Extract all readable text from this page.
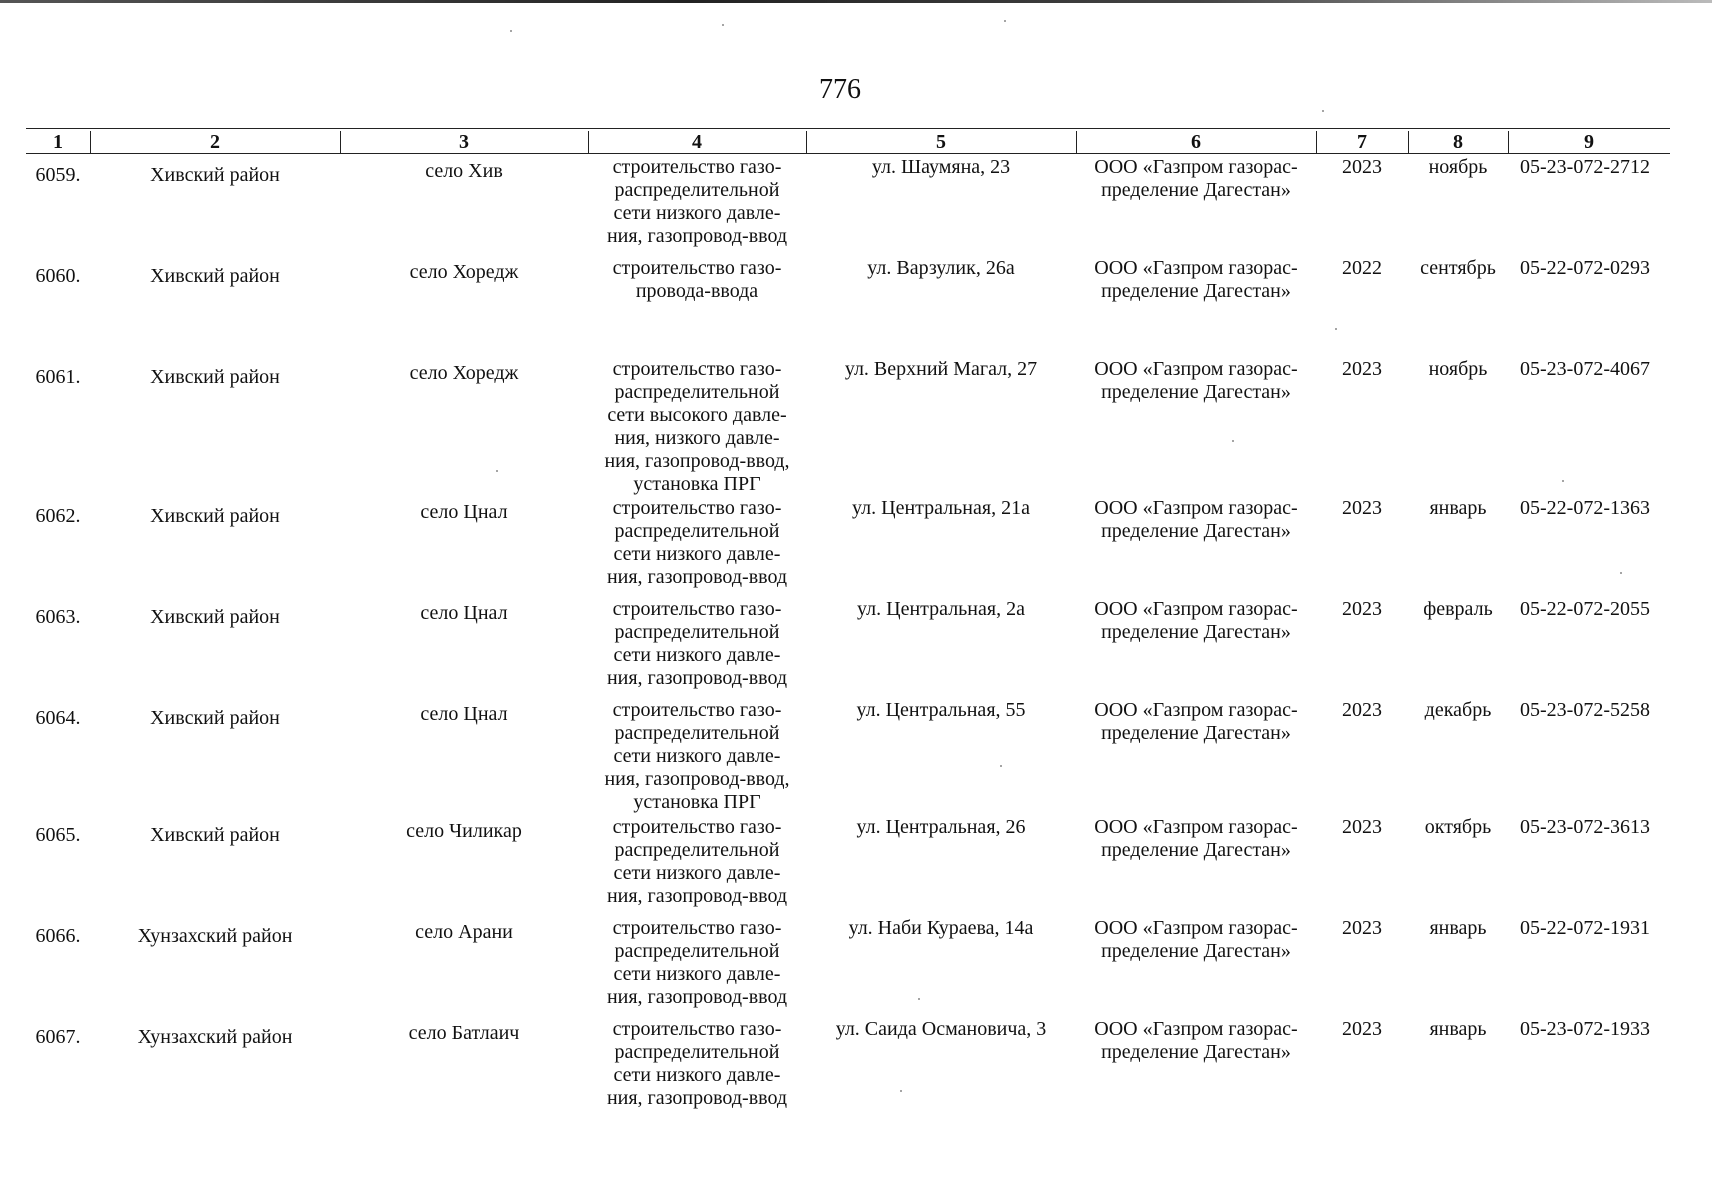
776
1	2	3	4	5	6	7	8	9
6059.	Хивский район	село Хив	строительство газо-
распределительной
сети низкого давле-
ния, газопровод-ввод
ул. Шаумяна, 23	ООО «Газпром газорас-
пределение Дагестан»
2023	ноябрь	05-23-072-2712
6060.	Хивский район	село Хоредж	строительство газо-
провода-ввода
ул. Варзулик, 26а	ООО «Газпром газорас-
пределение Дагестан»
2022	сентябрь	05-22-072-0293
6061.	Хивский район	село Хоредж	строительство газо-
распределительной
сети высокого давле-
ния, низкого давле-
ния, газопровод-ввод,
установка ПРГ
ул. Верхний Магал, 27	ООО «Газпром газорас-
пределение Дагестан»
2023	ноябрь	05-23-072-4067
6062.	Хивский район	село Цнал	строительство газо-
распределительной
сети низкого давле-
ния, газопровод-ввод
ул. Центральная, 21а	ООО «Газпром газорас-
пределение Дагестан»
2023	январь	05-22-072-1363
6063.	Хивский район	село Цнал	строительство газо-
распределительной
сети низкого давле-
ния, газопровод-ввод
ул. Центральная, 2а	ООО «Газпром газорас-
пределение Дагестан»
2023	февраль	05-22-072-2055
6064.	Хивский район	село Цнал	строительство газо-
распределительной
сети низкого давле-
ния, газопровод-ввод,
установка ПРГ
ул. Центральная, 55	ООО «Газпром газорас-
пределение Дагестан»
2023	декабрь	05-23-072-5258
6065.	Хивский район	село Чиликар	строительство газо-
распределительной
сети низкого давле-
ния, газопровод-ввод
ул. Центральная, 26	ООО «Газпром газорас-
пределение Дагестан»
2023	октябрь	05-23-072-3613
6066.	Хунзахский район	село Арани	строительство газо-
распределительной
сети низкого давле-
ния, газопровод-ввод
ул. Наби Кураева, 14а	ООО «Газпром газорас-
пределение Дагестан»
2023	январь	05-22-072-1931
6067.	Хунзахский район	село Батлаич	строительство газо-
распределительной
сети низкого давле-
ния, газопровод-ввод
ул. Саида Османовича, 3	ООО «Газпром газорас-
пределение Дагестан»
2023	январь	05-23-072-1933
